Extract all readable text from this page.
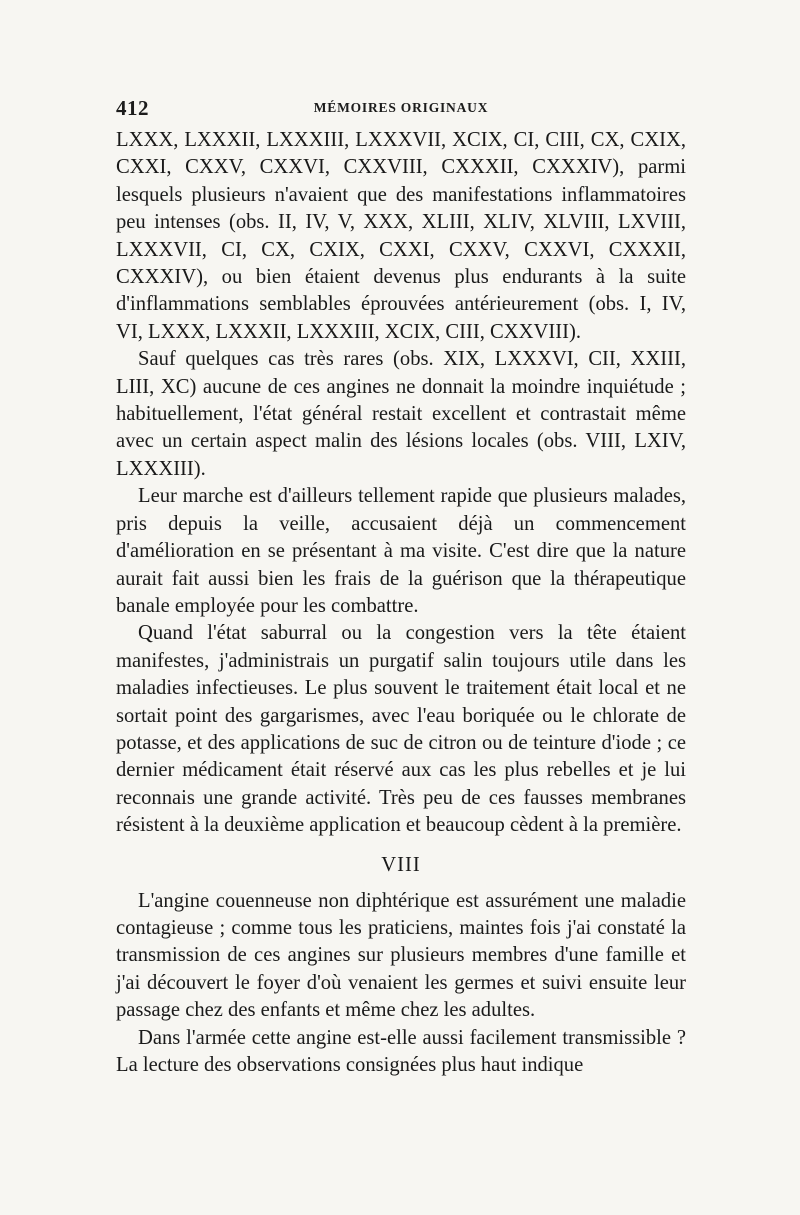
412	MÉMOIRES ORIGINAUX

LXXX, LXXXII, LXXXIII, LXXXVII, XCIX, CI, CIII, CX, CXIX, CXXI, CXXV, CXXVI, CXXVIII, CXXXII, CXXXIV), parmi lesquels plusieurs n'avaient que des manifestations inflammatoires peu intenses (obs. II, IV, V, XXX, XLIII, XLIV, XLVIII, LXVIII, LXXXVII, CI, CX, CXIX, CXXI, CXXV, CXXVI, CXXXII, CXXXIV), ou bien étaient devenus plus endurants à la suite d'inflammations semblables éprouvées antérieurement (obs. I, IV, VI, LXXX, LXXXII, LXXXIII, XCIX, CIII, CXXVIII).

Sauf quelques cas très rares (obs. XIX, LXXXVI, CII, XXIII, LIII, XC) aucune de ces angines ne donnait la moindre inquiétude ; habituellement, l'état général restait excellent et contrastait même avec un certain aspect malin des lésions locales (obs. VIII, LXIV, LXXXIII).

Leur marche est d'ailleurs tellement rapide que plusieurs malades, pris depuis la veille, accusaient déjà un commencement d'amélioration en se présentant à ma visite. C'est dire que la nature aurait fait aussi bien les frais de la guérison que la thérapeutique banale employée pour les combattre.

Quand l'état saburral ou la congestion vers la tête étaient manifestes, j'administrais un purgatif salin toujours utile dans les maladies infectieuses. Le plus souvent le traitement était local et ne sortait point des gargarismes, avec l'eau boriquée ou le chlorate de potasse, et des applications de suc de citron ou de teinture d'iode ; ce dernier médicament était réservé aux cas les plus rebelles et je lui reconnais une grande activité. Très peu de ces fausses membranes résistent à la deuxième application et beaucoup cèdent à la première.

VIII

L'angine couenneuse non diphtérique est assurément une maladie contagieuse ; comme tous les praticiens, maintes fois j'ai constaté la transmission de ces angines sur plusieurs membres d'une famille et j'ai découvert le foyer d'où venaient les germes et suivi ensuite leur passage chez des enfants et même chez les adultes.

Dans l'armée cette angine est-elle aussi facilement transmissible ? La lecture des observations consignées plus haut indique
